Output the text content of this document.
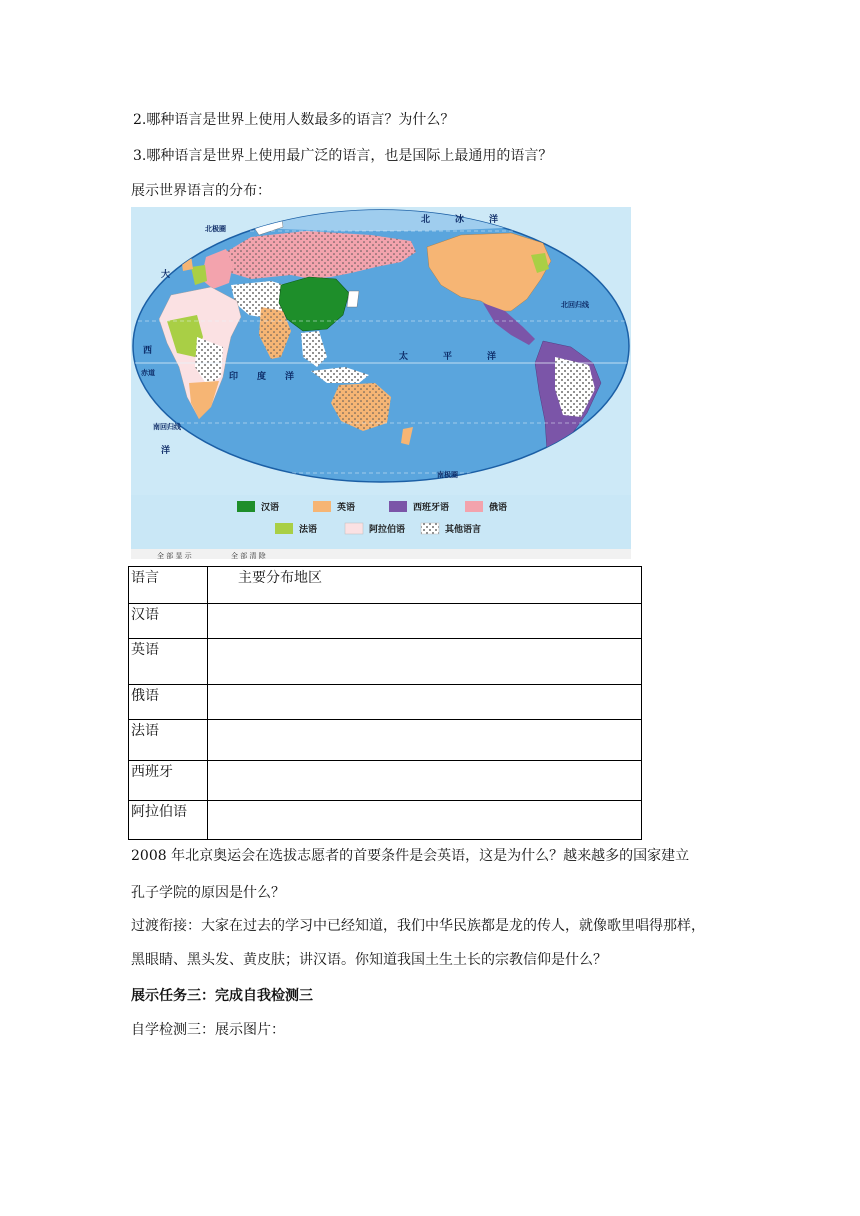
2.哪种语言是世界上使用人数最多的语言？为什么？
3.哪种语言是世界上使用最广泛的语言，也是国际上最通用的语言？
展示世界语言的分布：
北	冰	洋
太	平	洋
印 度 洋
大
西
洋
北极圈
北回归线
赤道
南回归线
南极圈
汉语	英语	西班牙语	俄语
法语	阿拉伯语	其他语言
全 部 显 示	全 部 清 除
语言	主要分布地区
汉语	
英语	
俄语	
法语	
西班牙	
阿拉伯语	
2008 年北京奥运会在选拔志愿者的首要条件是会英语，这是为什么？越来越多的国家建立
孔子学院的原因是什么？
过渡衔接：大家在过去的学习中已经知道，我们中华民族都是龙的传人，就像歌里唱得那样，
黑眼睛、黑头发、黄皮肤；讲汉语。你知道我国土生土长的宗教信仰是什么？
展示任务三：完成自我检测三
自学检测三：展示图片：
